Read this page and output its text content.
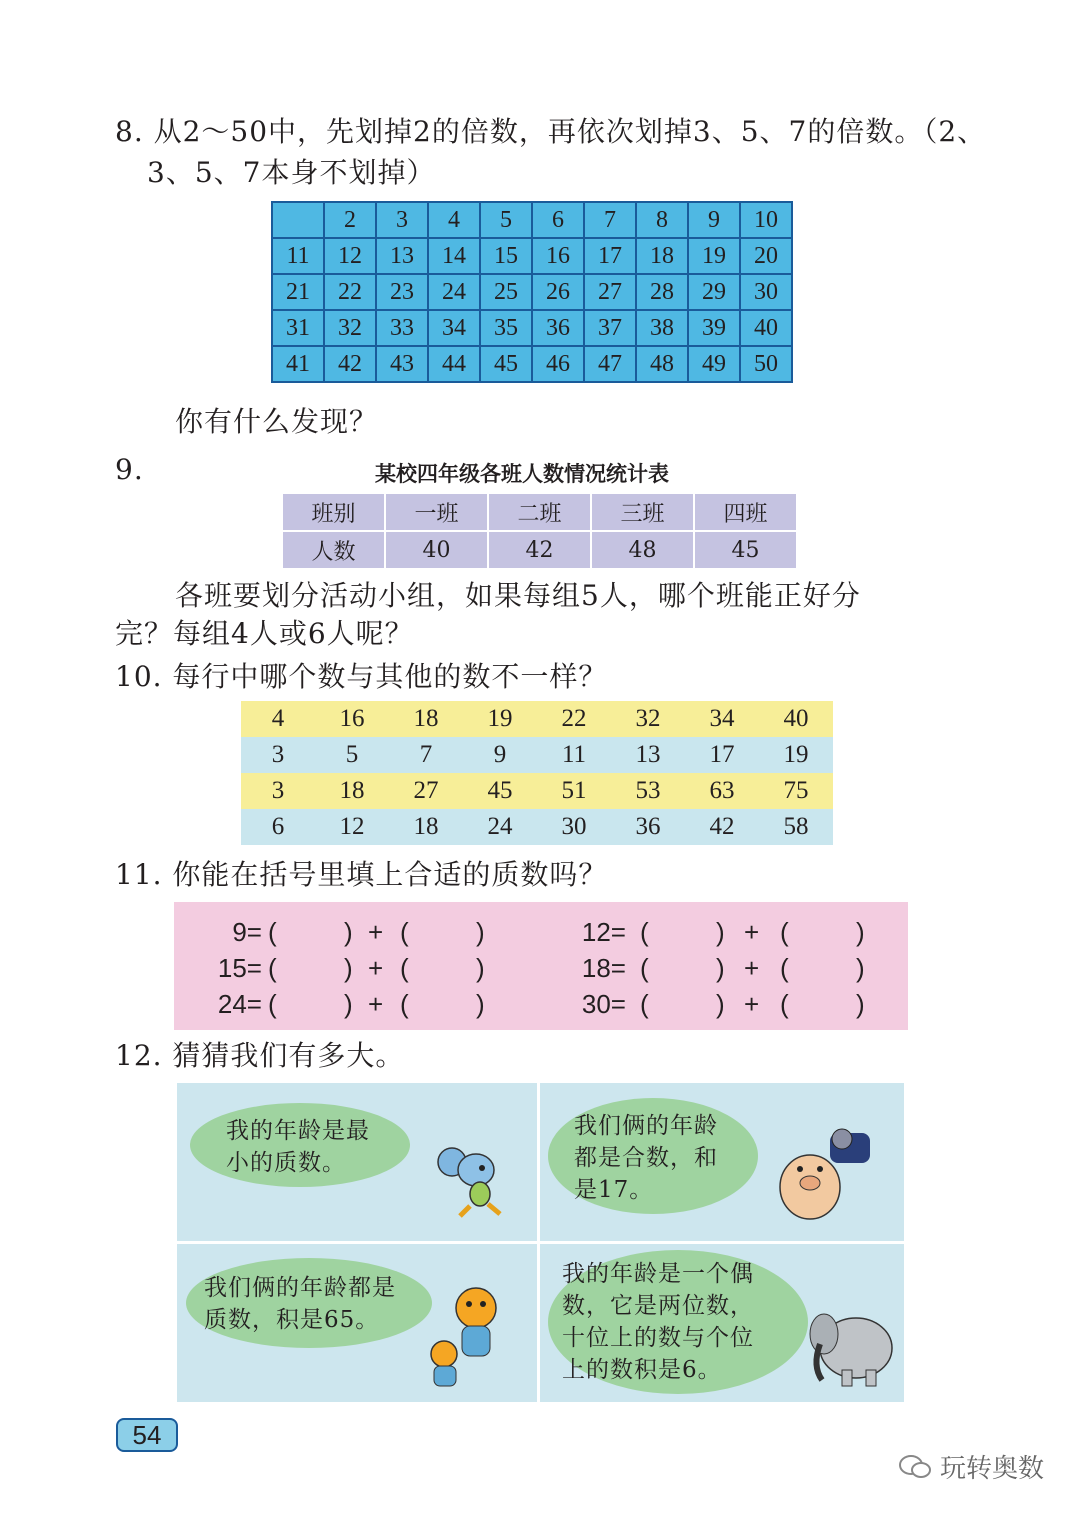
8. 从2～50中，先划掉2的倍数，再依次划掉3、5、7的倍数。（2、
3、5、7本身不划掉）
	2	3	4	5	6	7	8	9	10
11	12	13	14	15	16	17	18	19	20
21	22	23	24	25	26	27	28	29	30
31	32	33	34	35	36	37	38	39	40
41	42	43	44	45	46	47	48	49	50
你有什么发现？
9.	某校四年级各班人数情况统计表
班别	一班	二班	三班	四班
人数	40	42	48	45
各班要划分活动小组，如果每组5人，哪个班能正好分
完？每组4人或6人呢？
10. 每行中哪个数与其他的数不一样？
4	16	18	19	22	32	34	40
3	5	7	9	11	13	17	19
3	18	27	45	51	53	63	75
6	12	18	24	30	36	42	58
11. 你能在括号里填上合适的质数吗？
9= (	) + (	)	12= (	) + (	)
15= (	) + (	)	18= (	) + (	)
24= (	) + (	)	30= (	) + (	)
12. 猜猜我们有多大。
我的年龄是最
小的质数。
我们俩的年龄
都是合数，和
是17。
我们俩的年龄都是
质数，积是65。
我的年龄是一个偶
数，它是两位数，
十位上的数与个位
上的数积是6。
54
玩转奥数
